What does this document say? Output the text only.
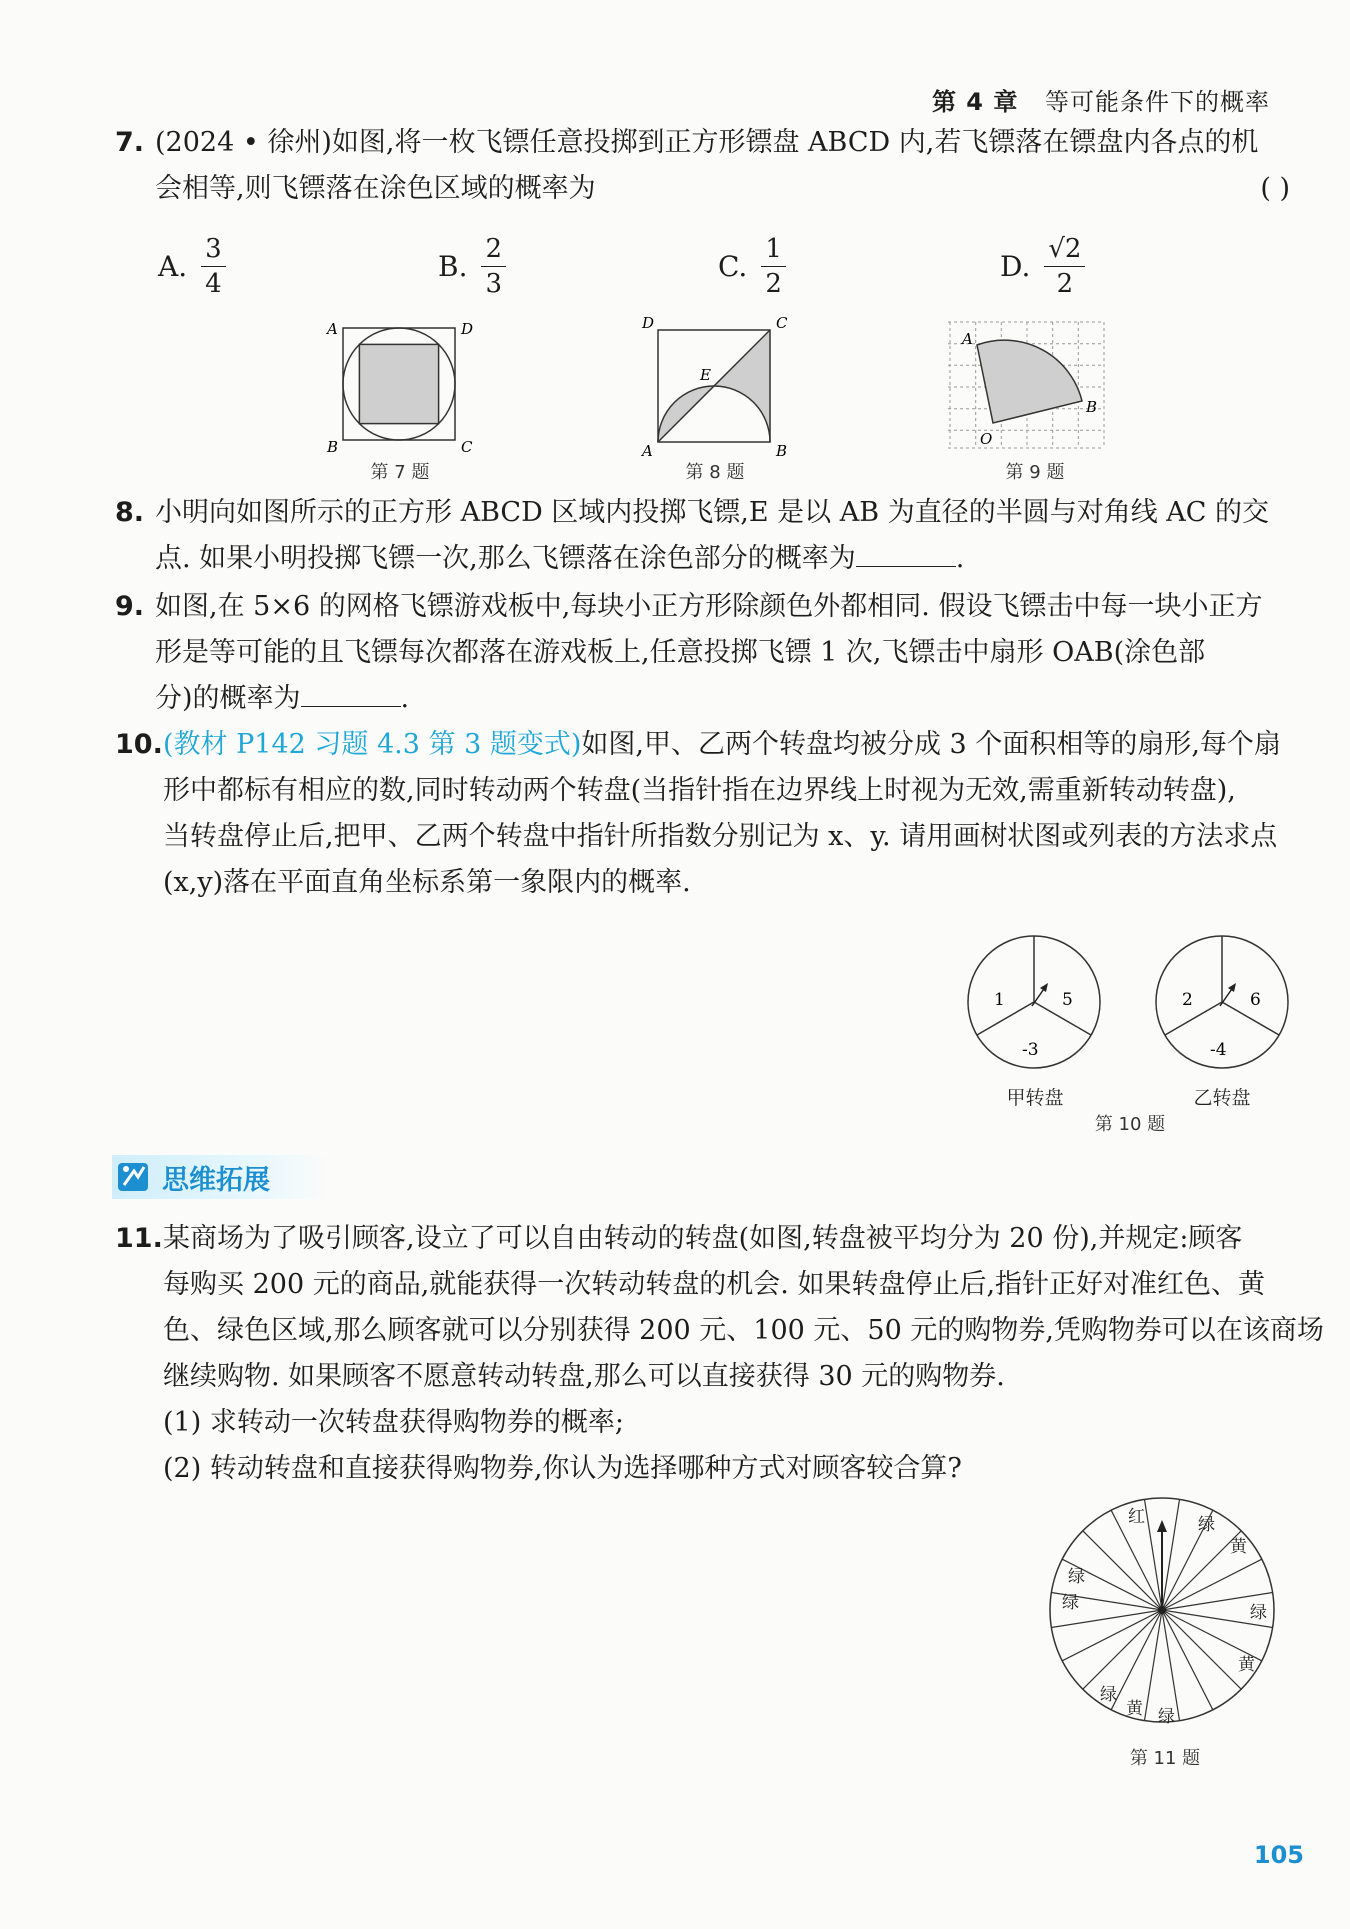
第 4 章 等可能条件下的概率
7. (2024 • 徐州)如图,将一枚飞镖任意投掷到正方形镖盘 ABCD 内,若飞镖落在镖盘内各点的机
会相等,则飞镖落在涂色区域的概率为	( )
A. $\frac{3}{4}$	B. $\frac{2}{3}$	C. $\frac{1}{2}$	D. $\frac{√2}{2}$
A	D
B	C
第 7 题
D	C
A	B
E
第 8 题
A
B
O
第 9 题
8. 小明向如图所示的正方形 ABCD 区域内投掷飞镖,E 是以 AB 为直径的半圆与对角线 AC 的交
点. 如果小明投掷飞镖一次,那么飞镖落在涂色部分的概率为	.
9. 如图,在 5×6 的网格飞镖游戏板中,每块小正方形除颜色外都相同. 假设飞镖击中每一块小正方
形是等可能的且飞镖每次都落在游戏板上,任意投掷飞镖 1 次,飞镖击中扇形 OAB(涂色部
分)的概率为	.
10. (教材 P142 习题 4.3 第 3 题变式)如图,甲、乙两个转盘均被分成 3 个面积相等的扇形,每个扇
形中都标有相应的数,同时转动两个转盘(当指针指在边界线上时视为无效,需重新转动转盘),
当转盘停止后,把甲、乙两个转盘中指针所指数分别记为 x、y. 请用画树状图或列表的方法求点
(x,y)落在平面直角坐标系第一象限内的概率.
1	5
-3
甲转盘
2	6
-4
乙转盘
第 10 题
思维拓展
11. 某商场为了吸引顾客,设立了可以自由转动的转盘(如图,转盘被平均分为 20 份),并规定:顾客
每购买 200 元的商品,就能获得一次转动转盘的机会. 如果转盘停止后,指针正好对准红色、黄
色、绿色区域,那么顾客就可以分别获得 200 元、100 元、50 元的购物券,凭购物券可以在该商场
继续购物. 如果顾客不愿意转动转盘,那么可以直接获得 30 元的购物券.
(1) 求转动一次转盘获得购物券的概率;
(2) 转动转盘和直接获得购物券,你认为选择哪种方式对顾客较合算?
红	绿
黄
绿
黄
绿
黄
绿
绿
绿
第 11 题
105
